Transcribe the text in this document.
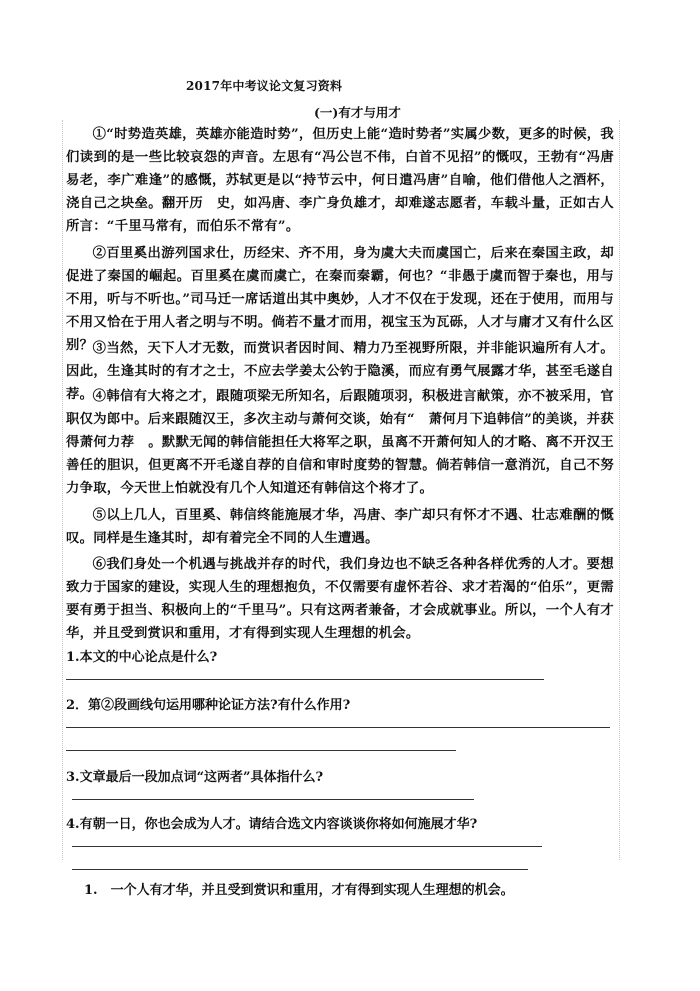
2017年中考议论文复习资料
(一)有才与用才
①“时势造英雄，英雄亦能造时势”，但历史上能“造时势者”实属少数，更多的时候，我们读到的是一些比较哀怨的声音。左思有“冯公岂不伟，白首不见招”的慨叹，王勃有“冯唐易老，李广难逢”的感慨，苏轼更是以“持节云中，何日遣冯唐”自喻，他们借他人之酒杯，浇自己之块垒。翻开历　史，如冯唐、李广身负雄才，却难遂志愿者，车载斗量，正如古人所言：“千里马常有，而伯乐不常有”。
②百里奚出游列国求仕，历经宋、齐不用，身为虞大夫而虞国亡，后来在秦国主政，却促进了秦国的崛起。百里奚在虞而虞亡，在秦而秦霸，何也？“非愚于虞而智于秦也，用与不用，听与不听也。”司马迁一席话道出其中奥妙，人才不仅在于发现，还在于使用，而用与不用又恰在于用人者之明与不明。倘若不量才而用，视宝玉为瓦砾，人才与庸才又有什么区别？ ③当然，天下人才无数，而赏识者因时间、精力乃至视野所限，并非能识遍所有人才。因此，生逢其时的有才之士，不应去学姜太公钓于隐溪，而应有勇气展露才华，甚至毛遂自荐。 ④韩信有大将之才，跟随项梁无所知名，后跟随项羽，积极进言献策，亦不被采用，官职仅为郎中。后来跟随汉王，多次主动与萧何交谈，始有“　萧何月下追韩信”的美谈，并获得萧何力荐　。默默无闻的韩信能担任大将军之职，虽离不开萧何知人的才略、离不开汉王善任的胆识，但更离不开毛遂自荐的自信和审时度势的智慧。倘若韩信一意消沉，自己不努力争取，今天世上怕就没有几个人知道还有韩信这个将才了。
⑤以上几人，百里奚、韩信终能施展才华，冯唐、李广却只有怀才不遇、壮志难酬的慨叹。同样是生逢其时，却有着完全不同的人生遭遇。
⑥我们身处一个机遇与挑战并存的时代，我们身边也不缺乏各种各样优秀的人才。要想致力于国家的建设，实现人生的理想抱负，不仅需要有虚怀若谷、求才若渴的“伯乐”，更需要有勇于担当、积极向上的“千里马”。只有这两者兼备，才会成就事业。所以，一个人有才华，并且受到赏识和重用，才有得到实现人生理想的机会。
1.本文的中心论点是什么?
2．第②段画线句运用哪种论证方法?有什么作用?
3.文章最后一段加点词“这两者”具体指什么?
4.有朝一日，你也会成为人才。请结合选文内容谈谈你将如何施展才华?
1.　一个人有才华，并且受到赏识和重用，才有得到实现人生理想的机会。
